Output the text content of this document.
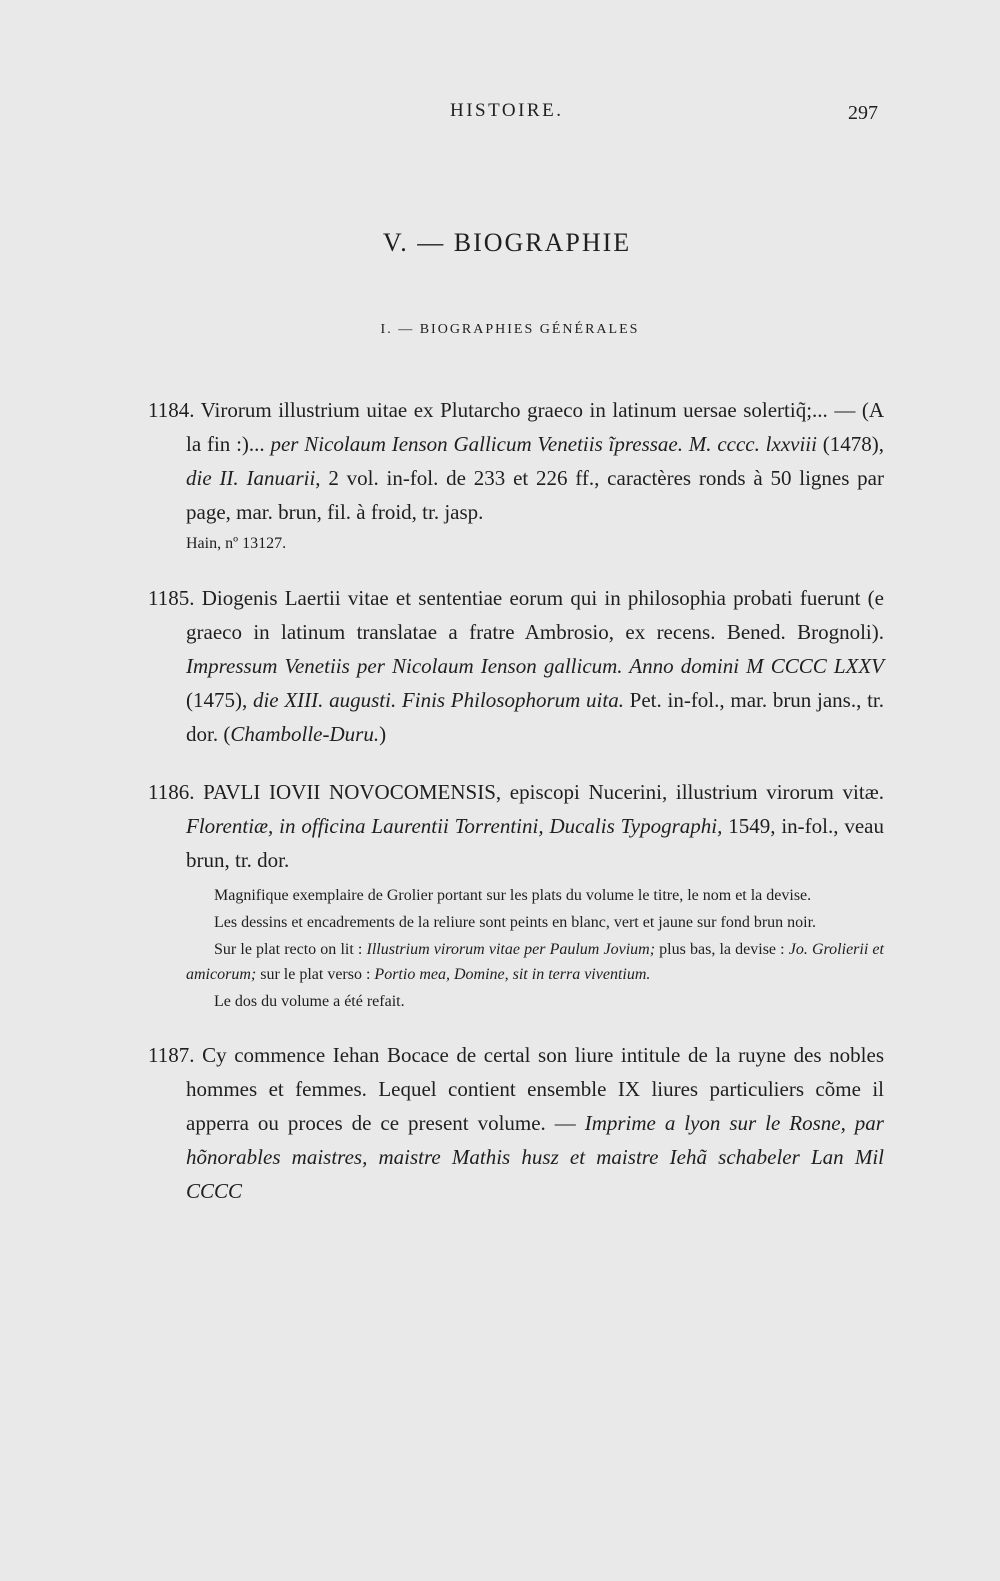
HISTOIRE.	297
V. — BIOGRAPHIE
I. — BIOGRAPHIES GÉNÉRALES
1184. Virorum illustrium uitae ex Plutarcho graeco in latinum uersae solertiq̃;... — (A la fin :)... per Nicolaum Ienson Gallicum Venetiis ĩpressae. M. cccc. lxxviii (1478), die II. Ianuarii, 2 vol. in-fol. de 233 et 226 ff., caractères ronds à 50 lignes par page, mar. brun, fil. à froid, tr. jasp.
Hain, nº 13127.
1185. Diogenis Laertii vitae et sententiae eorum qui in philosophia probati fuerunt (e graeco in latinum translatae a fratre Ambrosio, ex recens. Bened. Brognoli). Impressum Venetiis per Nicolaum Ienson gallicum. Anno domini M CCCC LXXV (1475), die XIII. augusti. Finis Philosophorum uita. Pet. in-fol., mar. brun jans., tr. dor. (Chambolle-Duru.)
1186. PAVLI IOVII NOVOCOMENSIS, episcopi Nucerini, illustrium virorum vitæ. Florentiæ, in officina Laurentii Torrentini, Ducalis Typographi, 1549, in-fol., veau brun, tr. dor.
Magnifique exemplaire de Grolier portant sur les plats du volume le titre, le nom et la devise.
Les dessins et encadrements de la reliure sont peints en blanc, vert et jaune sur fond brun noir.
Sur le plat recto on lit : Illustrium virorum vitae per Paulum Jovium; plus bas, la devise : Jo. Grolierii et amicorum; sur le plat verso : Portio mea, Domine, sit in terra viventium.
Le dos du volume a été refait.
1187. Cy commence Iehan Bocace de certal son liure intitule de la ruyne des nobles hommes et femmes. Lequel contient ensemble IX liures particuliers cõme il apperra ou proces de ce present volume. — Imprime a lyon sur le Rosne, par hõnorables maistres, maistre Mathis husz et maistre Iehã schabeler Lan Mil CCCC
